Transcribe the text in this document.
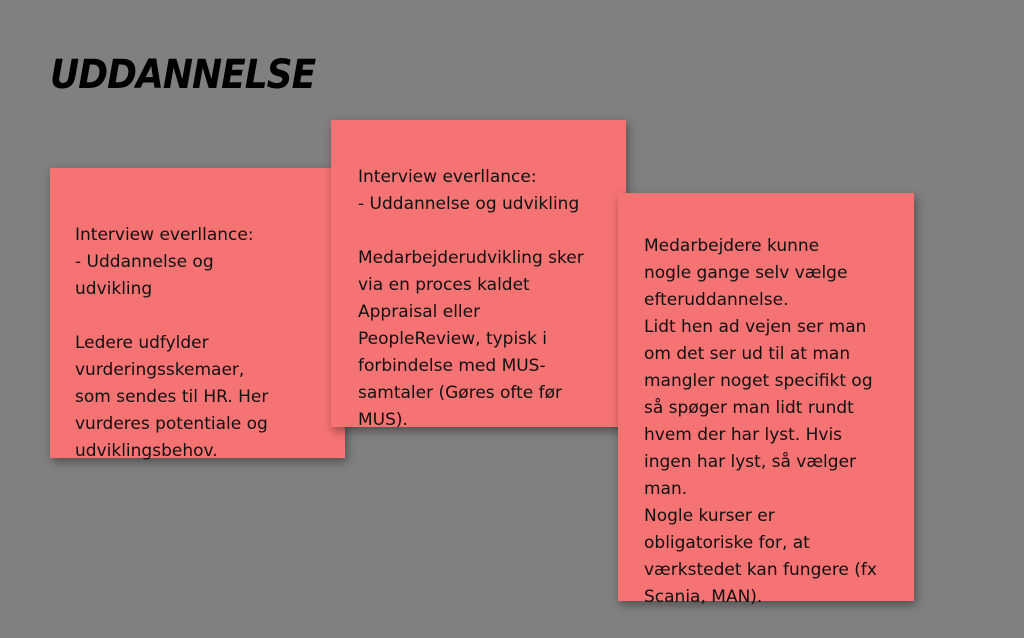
UDDANNELSE

Interview everllance:
- Uddannelse og
udvikling

Ledere udfylder
vurderingsskemaer,
som sendes til HR. Her
vurderes potentiale og
udviklingsbehov.

Interview everllance:
- Uddannelse og udvikling

Medarbejderudvikling sker
via en proces kaldet
Appraisal eller
PeopleReview, typisk i
forbindelse med MUS-
samtaler (Gøres ofte før
MUS).

Medarbejdere kunne
nogle gange selv vælge
efteruddannelse.
Lidt hen ad vejen ser man
om det ser ud til at man
mangler noget specifikt og
så spøger man lidt rundt
hvem der har lyst. Hvis
ingen har lyst, så vælger
man.
Nogle kurser er
obligatoriske for, at
værkstedet kan fungere (fx
Scania, MAN).
